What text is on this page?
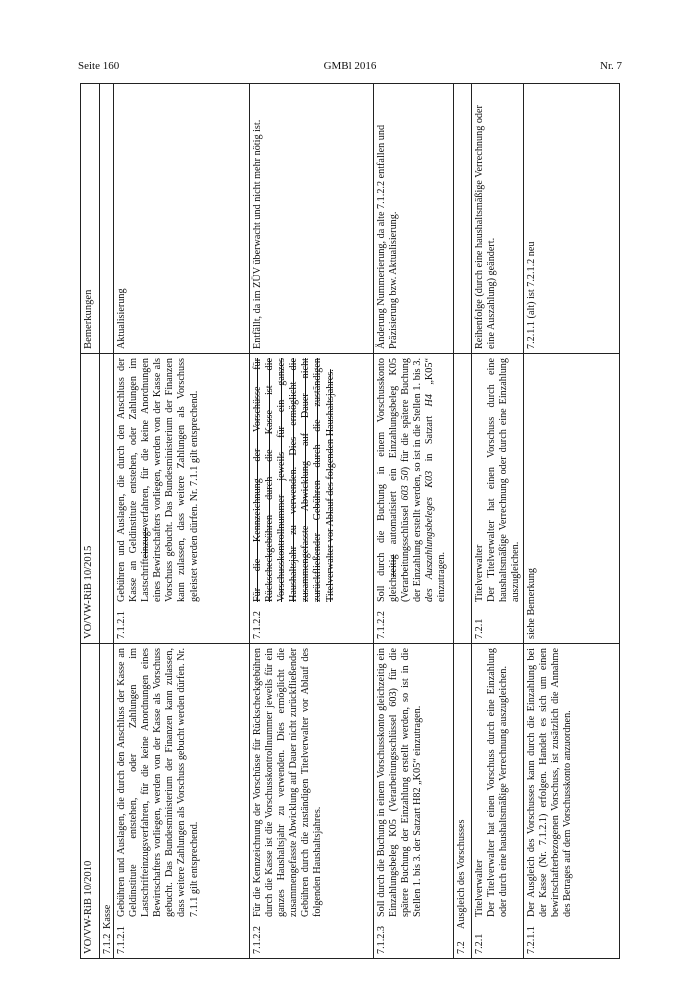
Seite 160	GMBl 2016	Nr. 7
VO/VW-RiB 10/2010
VO/VW-RiB 10/2015
Bemerkungen
7.1.2
Kasse
7.1.2.1
Gebühren und Auslagen, die durch den Anschluss der Kasse an Geldinstitute entstehen, oder Zahlungen im Lastschrifteinzugsverfahren, für die keine Anordnungen eines Bewirtschafters vorliegen, werden von der Kasse als Vorschuss gebucht. Das Bundesministerium der Finanzen kann zulassen, dass weitere Zahlungen als Vorschuss gebucht werden dürfen. Nr. 7.1.1 gilt entsprechend.
7.1.2.1
Gebühren und Auslagen, die durch den Anschluss der Kasse an Geldinstitute entstehen, oder Zahlungen im Lastschrifteinzugsverfahren, für die keine Anordnungen eines Bewirtschafters vorliegen, werden von der Kasse als Vorschuss gebucht. Das Bundesministerium der Finanzen kann zulassen, dass weitere Zahlungen als Vorschuss geleistet werden dürfen. Nr. 7.1.1 gilt entsprechend.
Aktualisierung
7.1.2.2
Für die Kennzeichnung der Vorschüsse für Rückscheckgebühren durch die Kasse ist die Vorschusskontrollnummer jeweils für ein ganzes Haushaltsjahr zu verwenden. Dies ermöglicht die zusammengefasste Abwicklung auf Dauer nicht zurückfließender Gebühren durch die zuständigen Titelverwalter vor Ablauf des folgenden Haushaltsjahres.
7.1.2.2
Für die Kennzeichnung der Vorschüsse für Rückscheckgebühren durch die Kasse ist die Vorschusskontrollnummer jeweils für ein ganzes Haushaltsjahr zu verwenden. Dies ermöglicht die zusammengefasste Abwicklung auf Dauer nicht zurückfließender Gebühren durch die zuständigen Titelverwalter vor Ablauf des folgenden Haushaltsjahres.
Entfällt, da im ZÜV überwacht und nicht mehr nötig ist.
7.1.2.3
Soll durch die Buchung in einem Vorschusskonto gleichzeitig ein Einzahlungsbeleg K05 (Verarbeitungsschlüssel 603) für die spätere Buchung der Einzahlung erstellt werden, so ist in die Stellen 1. bis 3. der Satzart H82 „K05“ einzutragen.
7.1.2.2
Soll durch die Buchung in einem Vorschusskonto gleichzeitig automatisiert ein Einzahlungsbeleg K05 (Verarbeitungsschlüssel 603 50) für die spätere Buchung der Einzahlung erstellt werden, so ist in die Stellen 1. bis 3. des Auszahlungsbeleges K03 in Satzart H4 „K05“ einzutragen.
Änderung Nummerierung, da alte 7.1.2.2 entfallen und Präzisierung bzw. Aktualisierung.
7.2
Ausgleich des Vorschusses
7.2.1
Titelverwalter Der Titelverwalter hat einen Vorschuss durch eine Einzahlung oder durch eine haushaltsmäßige Verrechnung auszugleichen.
7.2.1
Titelverwalter Der Titelverwalter hat einen Vorschuss durch eine haushaltsmäßige Verrechnung oder durch eine Einzahlung auszugleichen.
Reihenfolge (durch eine haushaltsmäßige Verrechnung oder eine Auszahlung) geändert.
7.2.1.1
Der Ausgleich des Vorschusses kann durch die Einzahlung bei der Kasse (Nr. 7.1.2.1) erfolgen. Handelt es sich um einen bewirtschafterbezogenen Vorschuss, ist zusätzlich die Annahme des Betrages auf dem Vorschusskonto anzuordnen.
siehe Bemerkung
7.2.1.1 (alt) ist 7.2.1.2 neu
